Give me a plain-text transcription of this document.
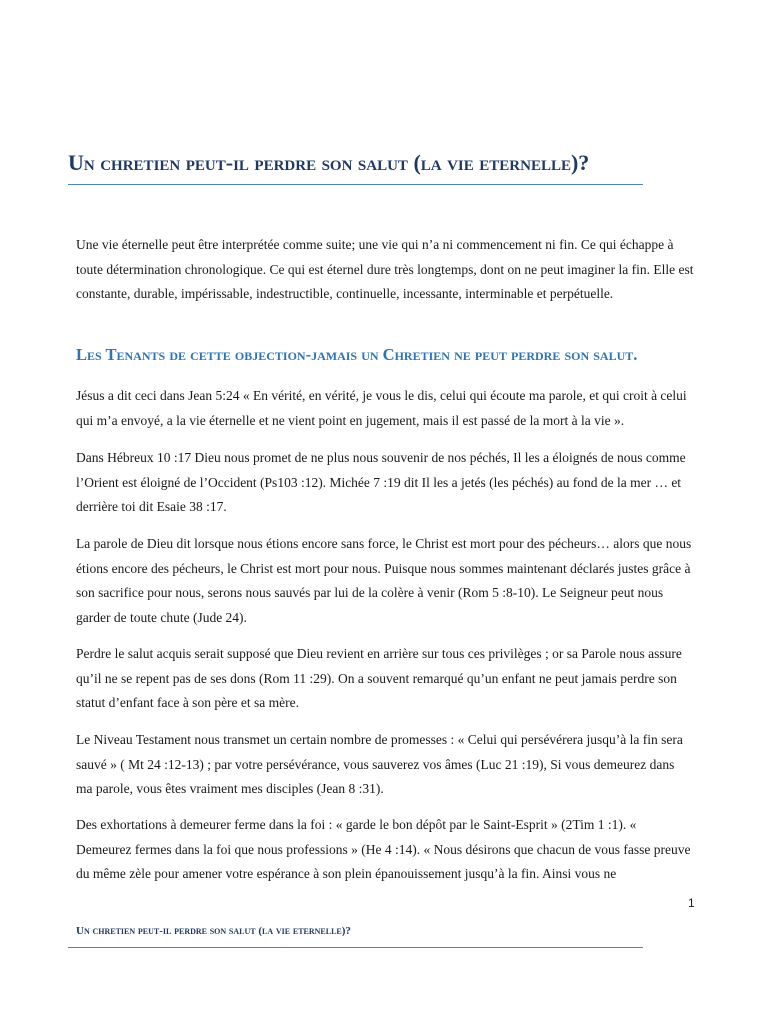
Un chretien peut-il perdre son salut (la vie eternelle)?

Une vie éternelle peut être interprétée comme suite; une vie qui n’a ni commencement ni fin. Ce qui échappe à toute détermination chronologique. Ce qui est éternel dure très longtemps, dont on ne peut imaginer la fin. Elle est constante, durable, impérissable, indestructible, continuelle, incessante, interminable et perpétuelle.

Les Tenants de cette objection-jamais un Chretien ne peut perdre son salut.

Jésus a dit ceci dans Jean 5:24 « En vérité, en vérité, je vous le dis, celui qui écoute ma parole, et qui croit à celui qui m’a envoyé, a la vie éternelle et ne vient point en jugement, mais il est passé de la mort à la vie ».

Dans Hébreux 10 :17 Dieu nous promet de ne plus nous souvenir de nos péchés, Il les a éloignés de nous comme l’Orient est éloigné de l’Occident (Ps103 :12). Michée 7 :19 dit Il les a jetés (les péchés) au fond de la mer … et derrière toi dit Esaie 38 :17.

La parole de Dieu dit lorsque nous étions encore sans force, le Christ est mort pour des pécheurs… alors que nous étions encore des pécheurs, le Christ est mort pour nous. Puisque nous sommes maintenant déclarés justes grâce à son sacrifice pour nous, serons nous sauvés par lui de la colère à venir (Rom 5 :8-10). Le Seigneur peut nous garder de toute chute (Jude 24).

Perdre le salut acquis serait supposé que Dieu revient en arrière sur tous ces privilèges ; or sa Parole nous assure qu’il ne se repent pas de ses dons (Rom 11 :29). On a souvent remarqué qu’un enfant ne peut jamais perdre son statut d’enfant face à son père et sa mère.

Le Niveau Testament nous transmet un certain nombre de promesses : « Celui qui persévérera jusqu’à la fin sera sauvé » ( Mt 24 :12-13) ; par votre persévérance, vous sauverez vos âmes (Luc 21 :19), Si vous demeurez dans ma parole, vous êtes vraiment mes disciples (Jean 8 :31).

Des exhortations à demeurer ferme dans la foi : « garde le bon dépôt par le Saint-Esprit » (2Tim 1 :1). « Demeurez fermes dans la foi que nous professions » (He 4 :14). « Nous désirons que chacun de vous fasse preuve du même zèle pour amener votre espérance à son plein épanouissement jusqu’à la fin. Ainsi vous ne

1
Un chretien peut-il perdre son salut (la vie eternelle)?
